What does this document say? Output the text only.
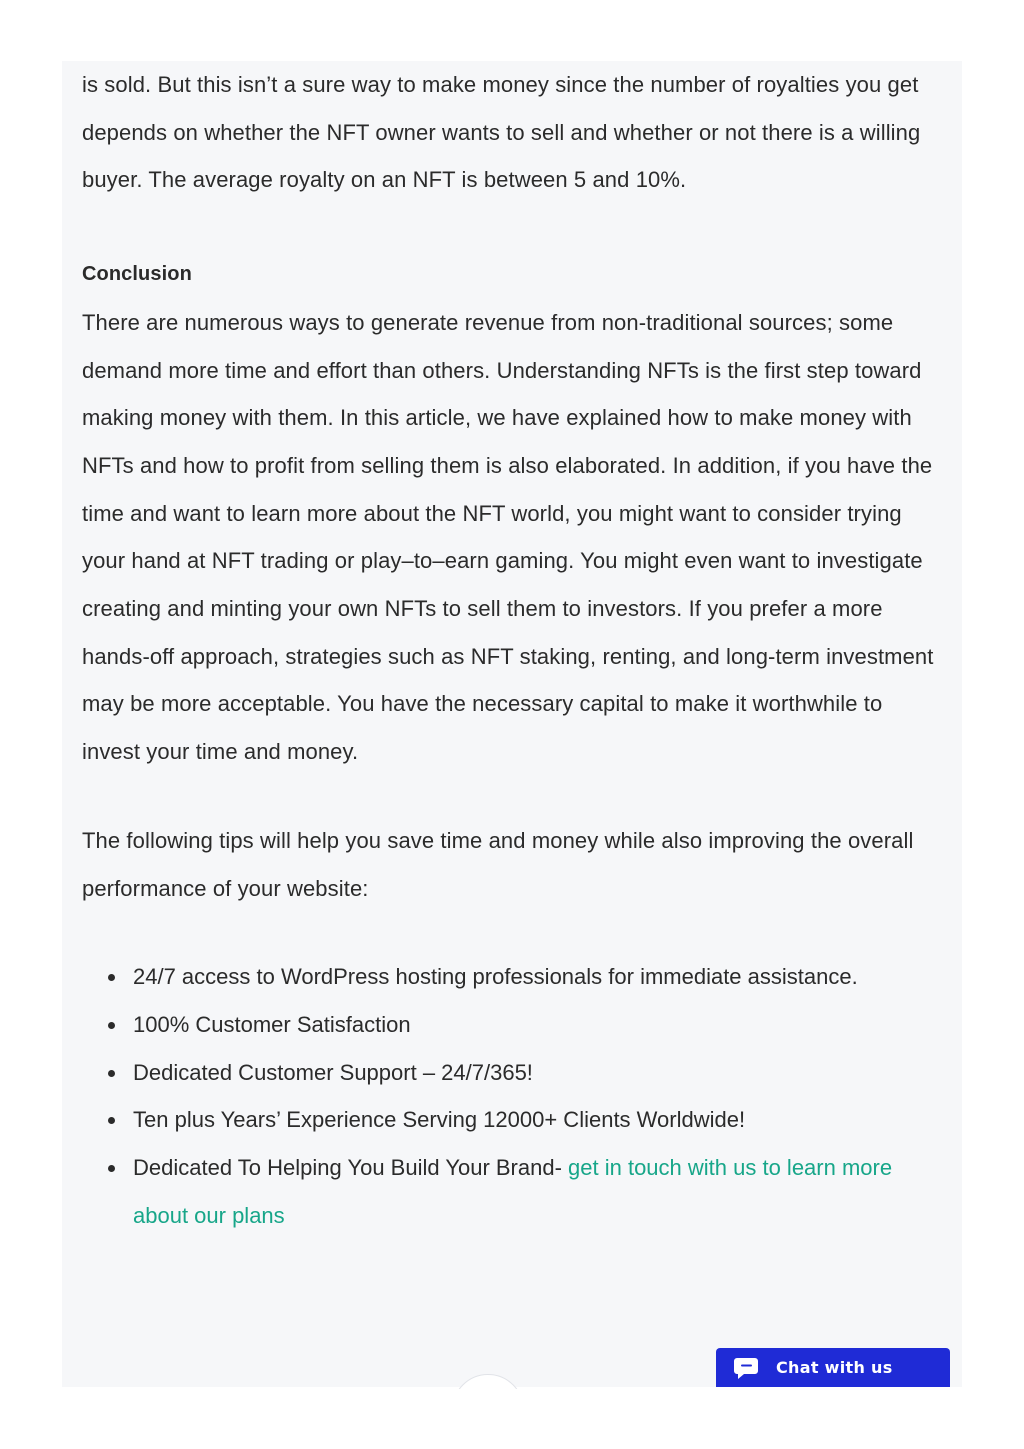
is sold. But this isn’t a sure way to make money since the number of royalties you get depends on whether the NFT owner wants to sell and whether or not there is a willing buyer. The average royalty on an NFT is between 5 and 10%.

Conclusion

There are numerous ways to generate revenue from non-traditional sources; some demand more time and effort than others. Understanding NFTs is the first step toward making money with them. In this article, we have explained how to make money with NFTs and how to profit from selling them is also elaborated. In addition, if you have the time and want to learn more about the NFT world, you might want to consider trying your hand at NFT trading or play–to–earn gaming. You might even want to investigate creating and minting your own NFTs to sell them to investors. If you prefer a more hands-off approach, strategies such as NFT staking, renting, and long-term investment may be more acceptable. You have the necessary capital to make it worthwhile to invest your time and money.

The following tips will help you save time and money while also improving the overall performance of your website:

24/7 access to WordPress hosting professionals for immediate assistance.
100% Customer Satisfaction
Dedicated Customer Support – 24/7/365!
Ten plus Years’ Experience Serving 12000+ Clients Worldwide!
Dedicated To Helping You Build Your Brand- get in touch with us to learn more about our plans
Chat with us
